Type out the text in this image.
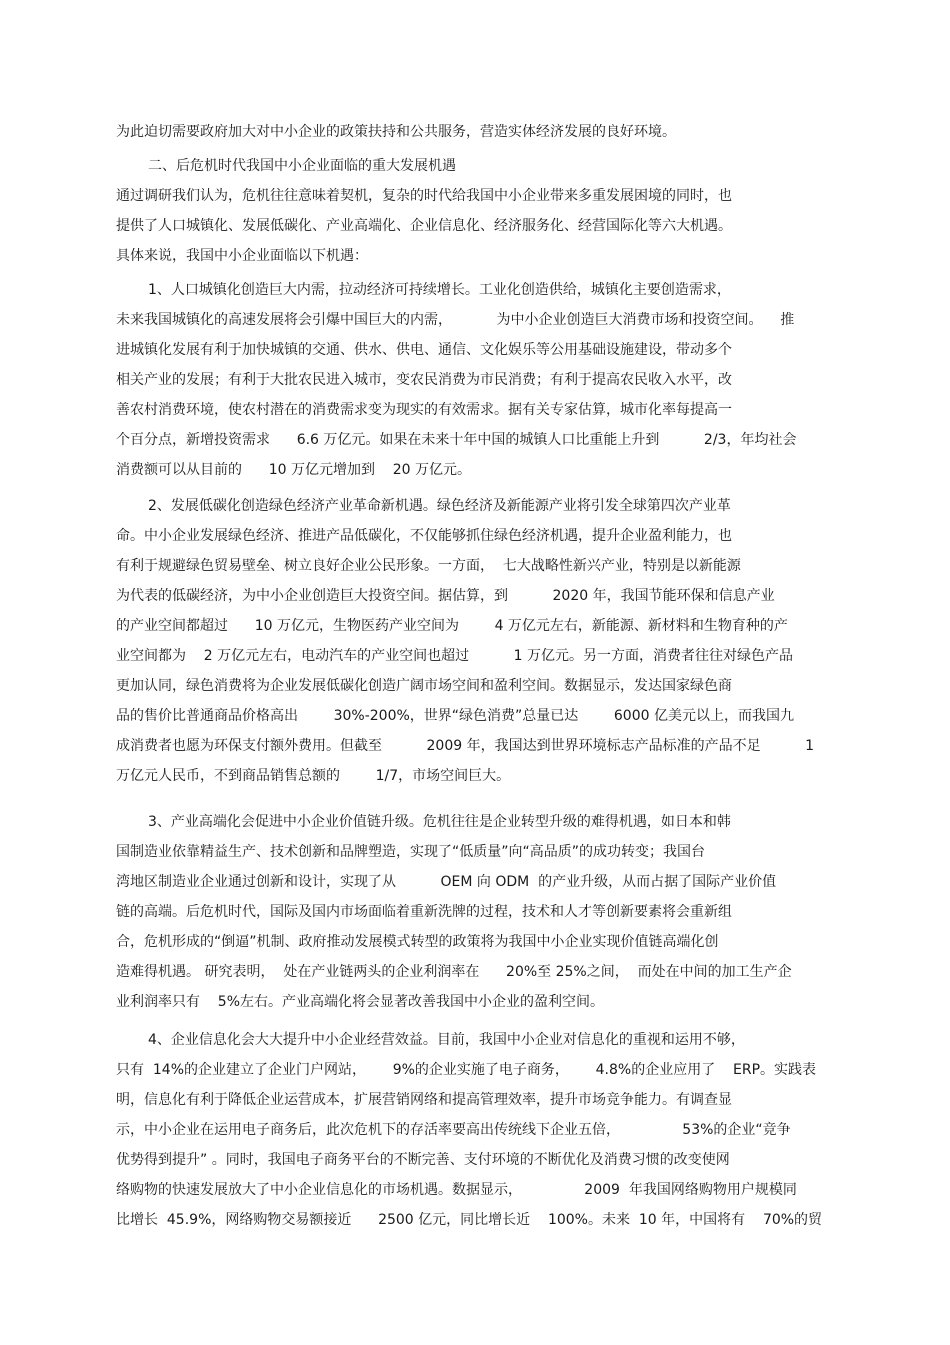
为此迫切需要政府加大对中小企业的政策扶持和公共服务，营造实体经济发展的良好环境。
二、后危机时代我国中小企业面临的重大发展机遇
通过调研我们认为，危机往往意味着契机，复杂的时代给我国中小企业带来多重发展困境的同时，也
提供了人口城镇化、发展低碳化、产业高端化、企业信息化、经济服务化、经营国际化等六大机遇。
具体来说，我国中小企业面临以下机遇：
1、人口城镇化创造巨大内需，拉动经济可持续增长。工业化创造供给，城镇化主要创造需求，
未来我国城镇化的高速发展将会引爆中国巨大的内需，          为中小企业创造巨大消费市场和投资空间。    推
进城镇化发展有利于加快城镇的交通、供水、供电、通信、文化娱乐等公用基础设施建设，带动多个
相关产业的发展；有利于大批农民进入城市，变农民消费为市民消费；有利于提高农民收入水平，改
善农村消费环境，使农村潜在的消费需求变为现实的有效需求。据有关专家估算，城市化率每提高一
个百分点，新增投资需求      6.6 万亿元。如果在未来十年中国的城镇人口比重能上升到          2/3，年均社会
消费额可以从目前的      10 万亿元增加到    20 万亿元。
2、发展低碳化创造绿色经济产业革命新机遇。绿色经济及新能源产业将引发全球第四次产业革
命。中小企业发展绿色经济、推进产品低碳化，不仅能够抓住绿色经济机遇，提升企业盈利能力，也
有利于规避绿色贸易壁垒、树立良好企业公民形象。一方面，  七大战略性新兴产业，特别是以新能源
为代表的低碳经济，为中小企业创造巨大投资空间。据估算，到          2020 年，我国节能环保和信息产业
的产业空间都超过      10 万亿元，生物医药产业空间为        4 万亿元左右，新能源、新材料和生物育种的产
业空间都为    2 万亿元左右，电动汽车的产业空间也超过          1 万亿元。另一方面，消费者往往对绿色产品
更加认同，绿色消费将为企业发展低碳化创造广阔市场空间和盈利空间。数据显示，发达国家绿色商
品的售价比普通商品价格高出        30%-200%，世界“绿色消费”总量已达        6000 亿美元以上，而我国九
成消费者也愿为环保支付额外费用。但截至          2009 年，我国达到世界环境标志产品标准的产品不足          1
万亿元人民币，不到商品销售总额的        1/7，市场空间巨大。
3、产业高端化会促进中小企业价值链升级。危机往往是企业转型升级的难得机遇，如日本和韩
国制造业依靠精益生产、技术创新和品牌塑造，实现了“低质量”向“高品质”的成功转变；我国台
湾地区制造业企业通过创新和设计，实现了从          OEM 向 ODM  的产业升级，从而占据了国际产业价值
链的高端。后危机时代，国际及国内市场面临着重新洗牌的过程，技术和人才等创新要素将会重新组
合，危机形成的“倒逼”机制、政府推动发展模式转型的政策将为我国中小企业实现价值链高端化创
造难得机遇。 研究表明，  处在产业链两头的企业利润率在      20%至 25%之间，  而处在中间的加工生产企
业利润率只有    5%左右。产业高端化将会显著改善我国中小企业的盈利空间。
4、企业信息化会大大提升中小企业经营效益。目前，我国中小企业对信息化的重视和运用不够，
只有  14%的企业建立了企业门户网站，      9%的企业实施了电子商务，      4.8%的企业应用了    ERP。实践表
明，信息化有利于降低企业运营成本，扩展营销网络和提高管理效率，提升市场竞争能力。有调查显
示，中小企业在运用电子商务后，此次危机下的存活率要高出传统线下企业五倍，              53%的企业“竞争
优势得到提升” 。同时，我国电子商务平台的不断完善、支付环境的不断优化及消费习惯的改变使网
络购物的快速发展放大了中小企业信息化的市场机遇。数据显示，              2009  年我国网络购物用户规模同
比增长  45.9%，网络购物交易额接近      2500 亿元，同比增长近    100%。未来  10 年，中国将有    70%的贸
